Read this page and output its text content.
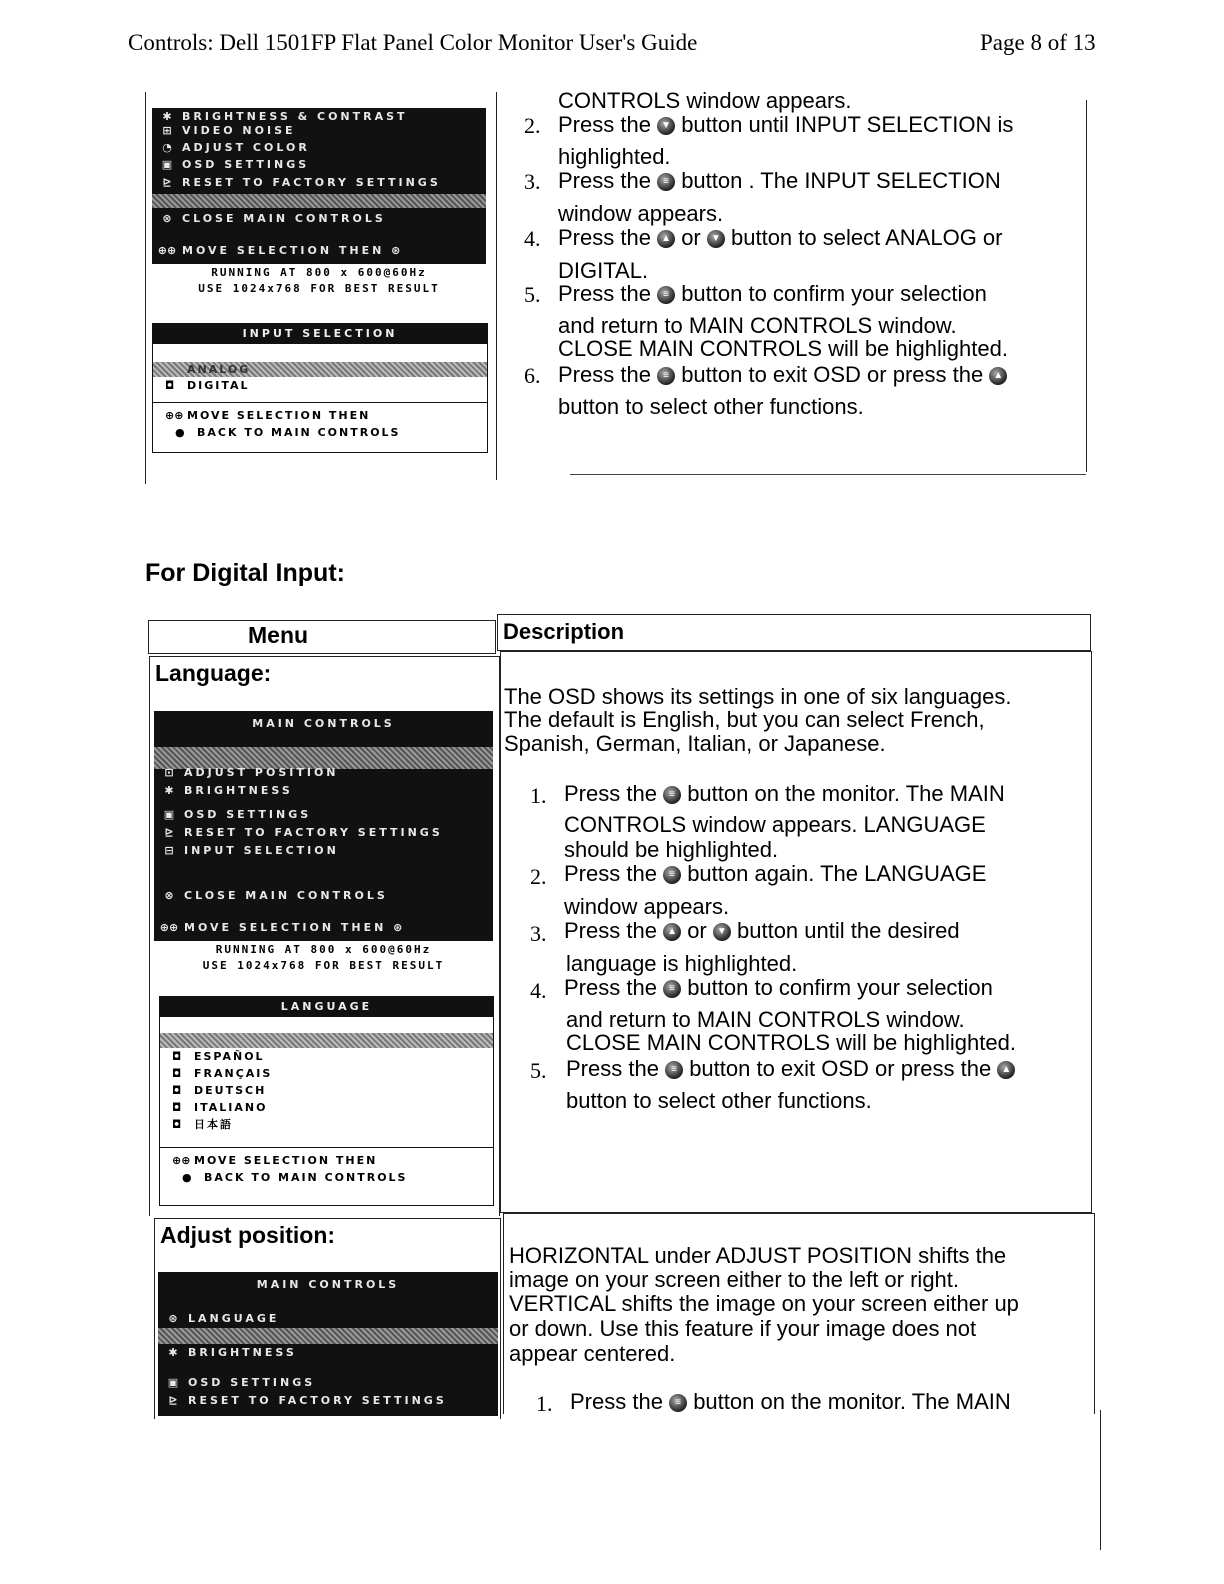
Controls: Dell 1501FP Flat Panel Color Monitor User's Guide	Page 8 of 13
✱ BRIGHTNESS & CONTRAST
⊞ VIDEO NOISE
◔ ADJUST COLOR
▣ OSD SETTINGS
⊵ RESET TO FACTORY SETTINGS
⊗ CLOSE MAIN CONTROLS
⊕⊕ MOVE SELECTION THEN ⊛
RUNNING AT 800 x 600@60Hz
USE 1024x768 FOR BEST RESULT
INPUT SELECTION
ANALOG
◘ DIGITAL
⊕⊕ MOVE SELECTION THEN
● BACK TO MAIN CONTROLS
CONTROLS window appears.
2. Press the	▼ button until INPUT SELECTION is
highlighted.
3. Press the	≡ button . The INPUT SELECTION
window appears.
4. Press the	▲ or	▼ button to select ANALOG or
DIGITAL.
5. Press the	≡ button to confirm your selection
and return to MAIN CONTROLS window.
CLOSE MAIN CONTROLS will be highlighted.
6. Press the	≡ button to exit OSD or press the	▲
button to select other functions.
For Digital Input:
Menu	Description
Language:
MAIN CONTROLS
⊡ ADJUST POSITION
✱ BRIGHTNESS
▣ OSD SETTINGS
⊵ RESET TO FACTORY SETTINGS
⊟ INPUT SELECTION
⊗ CLOSE MAIN CONTROLS
⊕⊕ MOVE SELECTION THEN ⊛
RUNNING AT 800 x 600@60Hz
USE 1024x768 FOR BEST RESULT
LANGUAGE
◘ ESPAÑOL
◘ FRANÇAIS
◘ DEUTSCH
◘ ITALIANO
◘ 日本語
⊕⊕ MOVE SELECTION THEN
● BACK TO MAIN CONTROLS
The OSD shows its settings in one of six languages.
The default is English, but you can select French,
Spanish, German, Italian, or Japanese.
1. Press the	≡ button on the monitor. The MAIN
CONTROLS window appears. LANGUAGE
should be highlighted.
2. Press the	≡ button again. The LANGUAGE
window appears.
3. Press the	▲ or	▼ button until the desired
language is highlighted.
4. Press the	≡ button to confirm your selection
and return to MAIN CONTROLS window.
CLOSE MAIN CONTROLS will be highlighted.
5. Press the	≡ button to exit OSD or press the	▲
button to select other functions.
Adjust position:
MAIN CONTROLS
⊛ LANGUAGE
✱ BRIGHTNESS
▣ OSD SETTINGS
⊵ RESET TO FACTORY SETTINGS
HORIZONTAL under ADJUST POSITION shifts the
image on your screen either to the left or right.
VERTICAL shifts the image on your screen either up
or down. Use this feature if your image does not
appear centered.
1. Press the	≡ button on the monitor. The MAIN
